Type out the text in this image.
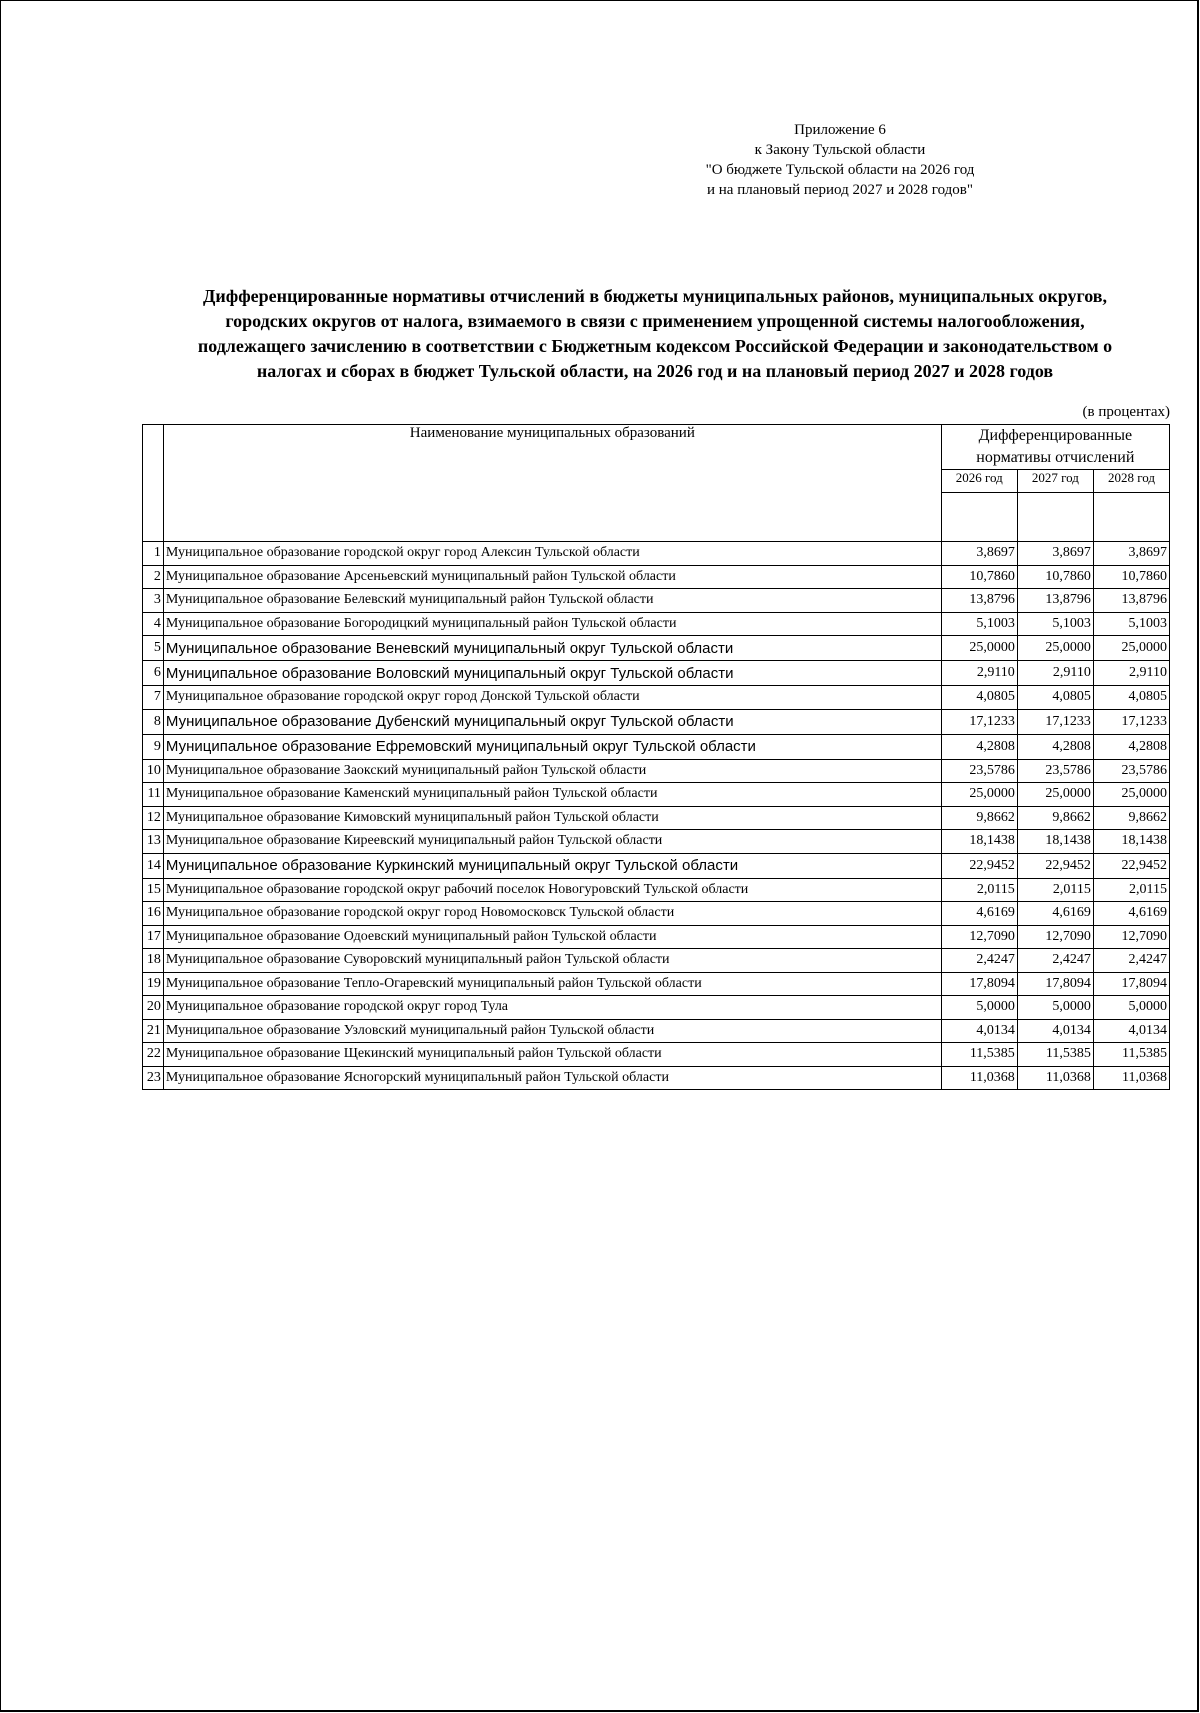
Приложение 6
к Закону Тульской области
"О бюджете Тульской области на 2026 год
и на плановый период 2027 и 2028 годов"
Дифференцированные нормативы отчислений в бюджеты муниципальных районов, муниципальных округов,
городских округов от налога, взимаемого в связи с применением упрощенной системы налогообложения,
подлежащего зачислению в соответствии с Бюджетным кодексом Российской Федерации и законодательством о
налогах и сборах в бюджет Тульской области, на 2026 год и на плановый период 2027 и 2028 годов
(в процентах)
	Наименование муниципальных образований	Дифференцированные
нормативы отчислений		

		2026 год	2027 год	2028 год

1	Муниципальное образование городской округ город Алексин Тульской области	3,8697	3,8697	3,8697
2	Муниципальное образование Арсеньевский муниципальный район Тульской области	10,7860	10,7860	10,7860
3	Муниципальное образование Белевский муниципальный район Тульской области	13,8796	13,8796	13,8796
4	Муниципальное образование Богородицкий муниципальный район Тульской области	5,1003	5,1003	5,1003
5	Муниципальное образование Веневский муниципальный округ Тульской области	25,0000	25,0000	25,0000
6	Муниципальное образование Воловский муниципальный округ Тульской области	2,9110	2,9110	2,9110
7	Муниципальное образование городской округ город Донской Тульской области	4,0805	4,0805	4,0805
8	Муниципальное образование Дубенский муниципальный округ Тульской области	17,1233	17,1233	17,1233
9	Муниципальное образование Ефремовский муниципальный округ Тульской области	4,2808	4,2808	4,2808
10	Муниципальное образование Заокский муниципальный район Тульской области	23,5786	23,5786	23,5786
11	Муниципальное образование Каменский муниципальный район Тульской области	25,0000	25,0000	25,0000
12	Муниципальное образование Кимовский муниципальный район Тульской области	9,8662	9,8662	9,8662
13	Муниципальное образование Киреевский муниципальный район Тульской области	18,1438	18,1438	18,1438
14	Муниципальное образование Куркинский муниципальный округ Тульской области	22,9452	22,9452	22,9452
15	Муниципальное образование городской округ рабочий поселок Новогуровский Тульской области	2,0115	2,0115	2,0115
16	Муниципальное образование городской округ город Новомосковск Тульской области	4,6169	4,6169	4,6169
17	Муниципальное образование Одоевский муниципальный район Тульской области	12,7090	12,7090	12,7090
18	Муниципальное образование Суворовский муниципальный район Тульской области	2,4247	2,4247	2,4247
19	Муниципальное образование Тепло-Огаревский муниципальный район Тульской области	17,8094	17,8094	17,8094
20	Муниципальное образование городской округ город Тула	5,0000	5,0000	5,0000
21	Муниципальное образование Узловский муниципальный район Тульской области	4,0134	4,0134	4,0134
22	Муниципальное образование Щекинский муниципальный район Тульской области	11,5385	11,5385	11,5385
23	Муниципальное образование Ясногорский муниципальный район Тульской области	11,0368	11,0368	11,0368
